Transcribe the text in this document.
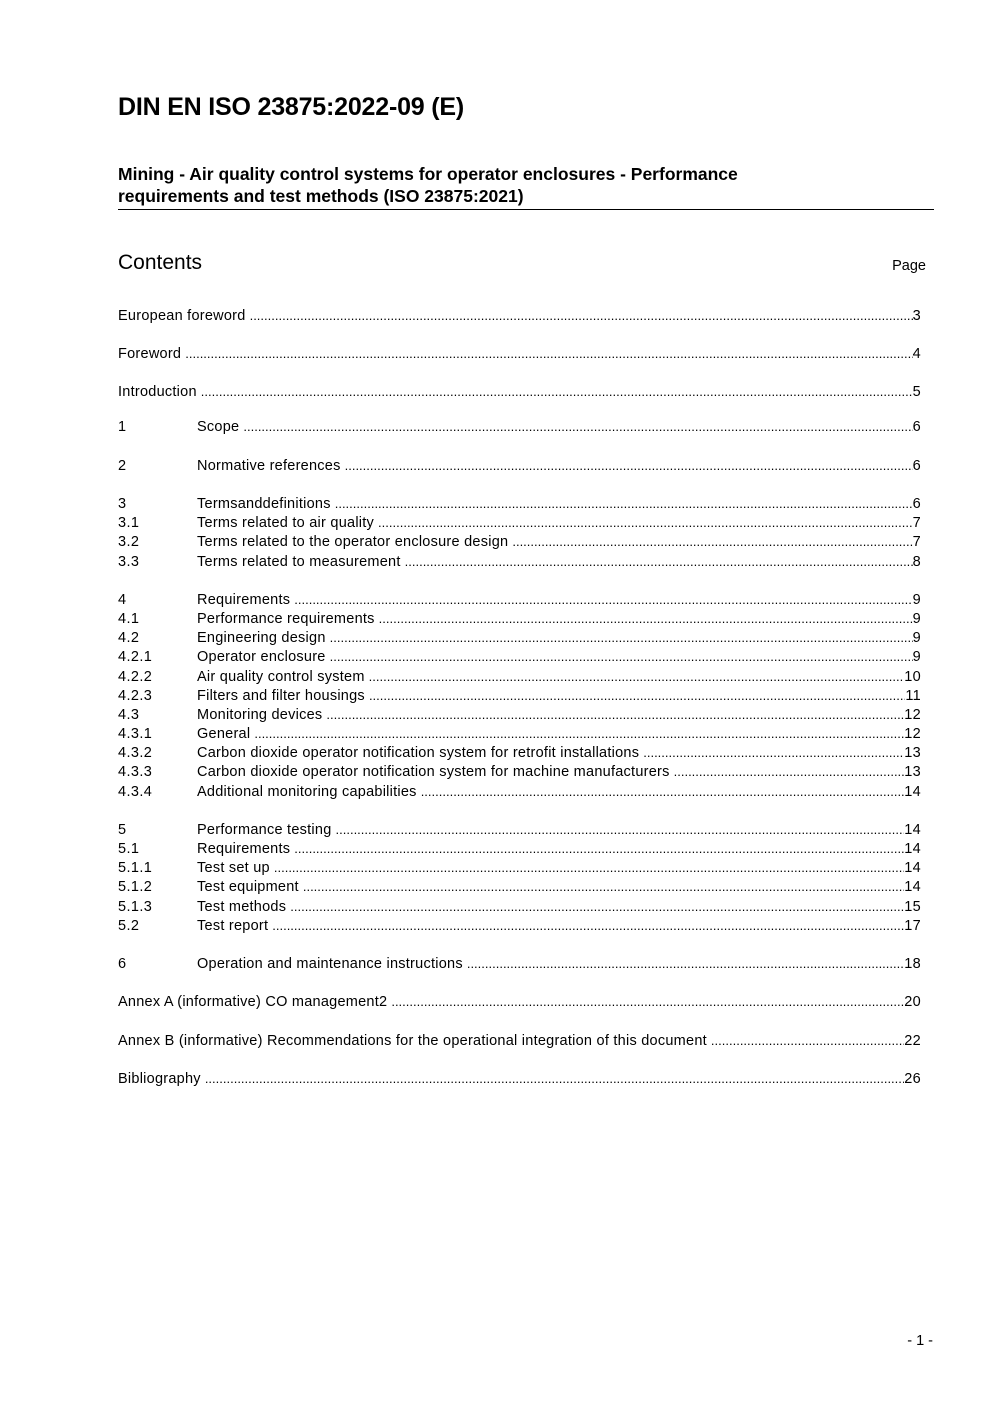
DIN EN ISO 23875:2022-09 (E)
Mining - Air quality control systems for operator enclosures - Performance
requirements and test methods (ISO 23875:2021)
Contents	Page
European foreword .....	3
Foreword .....	4
Introduction .....	5
1	Scope .....	6
2	Normative references .....	6
3	Termsanddefinitions .....	6
3.1	Terms related to air quality .....	7
3.2	Terms related to the operator enclosure design .....	7
3.3	Terms related to measurement .....	8
4	Requirements .....	9
4.1	Performance requirements .....	9
4.2	Engineering design .....	9
4.2.1	Operator enclosure .....	9
4.2.2	Air quality control system .....	10
4.2.3	Filters and filter housings .....	11
4.3	Monitoring devices .....	12
4.3.1	General .....	12
4.3.2	Carbon dioxide operator notification system for retrofit installations .....	13
4.3.3	Carbon dioxide operator notification system for machine manufacturers .....	13
4.3.4	Additional monitoring capabilities .....	14
5	Performance testing .....	14
5.1	Requirements .....	14
5.1.1	Test set up .....	14
5.1.2	Test equipment .....	14
5.1.3	Test methods .....	15
5.2	Test report .....	17
6	Operation and maintenance instructions .....	18
Annex A (informative) CO management2 .....	20
Annex B (informative) Recommendations for the operational integration of this document .....	22
Bibliography .....	26
- 1 -
